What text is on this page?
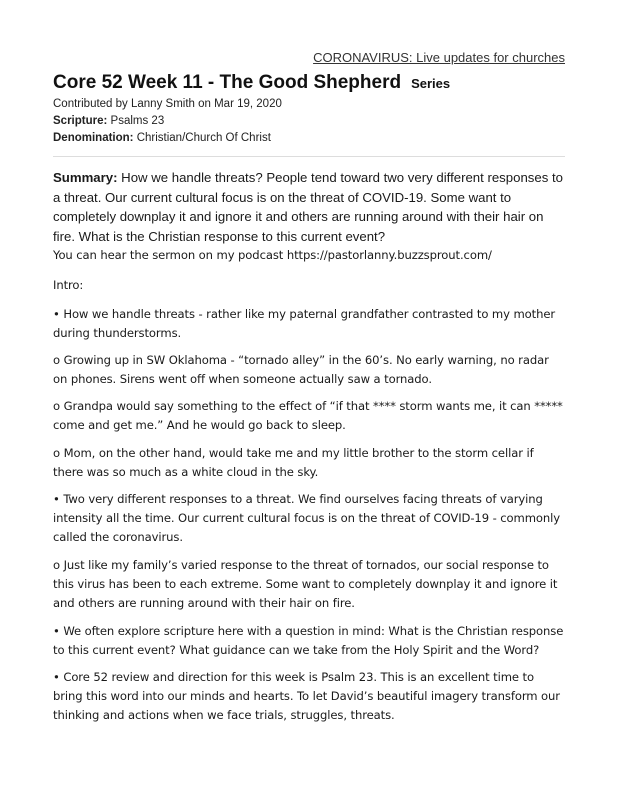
CORONAVIRUS: Live updates for churches
Core 52 Week 11 - The Good Shepherd Series
Contributed by Lanny Smith on Mar 19, 2020
Scripture: Psalms 23
Denomination: Christian/Church Of Christ

Summary: How we handle threats? People tend toward two very different responses to a threat. Our current cultural focus is on the threat of COVID-19. Some want to completely downplay it and ignore it and others are running around with their hair on fire. What is the Christian response to this current event?

You can hear the sermon on my podcast https://pastorlanny.buzzsprout.com/

Intro:

• How we handle threats - rather like my paternal grandfather contrasted to my mother during thunderstorms.

o Growing up in SW Oklahoma - “tornado alley” in the 60’s. No early warning, no radar on phones. Sirens went off when someone actually saw a tornado.

o Grandpa would say something to the effect of “if that **** storm wants me, it can ***** come and get me.” And he would go back to sleep.

o Mom, on the other hand, would take me and my little brother to the storm cellar if there was so much as a white cloud in the sky.

• Two very different responses to a threat. We find ourselves facing threats of varying intensity all the time. Our current cultural focus is on the threat of COVID-19 - commonly called the coronavirus.

o Just like my family’s varied response to the threat of tornados, our social response to this virus has been to each extreme. Some want to completely downplay it and ignore it and others are running around with their hair on fire.

• We often explore scripture here with a question in mind: What is the Christian response to this current event? What guidance can we take from the Holy Spirit and the Word?

• Core 52 review and direction for this week is Psalm 23. This is an excellent time to bring this word into our minds and hearts. To let David’s beautiful imagery transform our thinking and actions when we face trials, struggles, threats.
